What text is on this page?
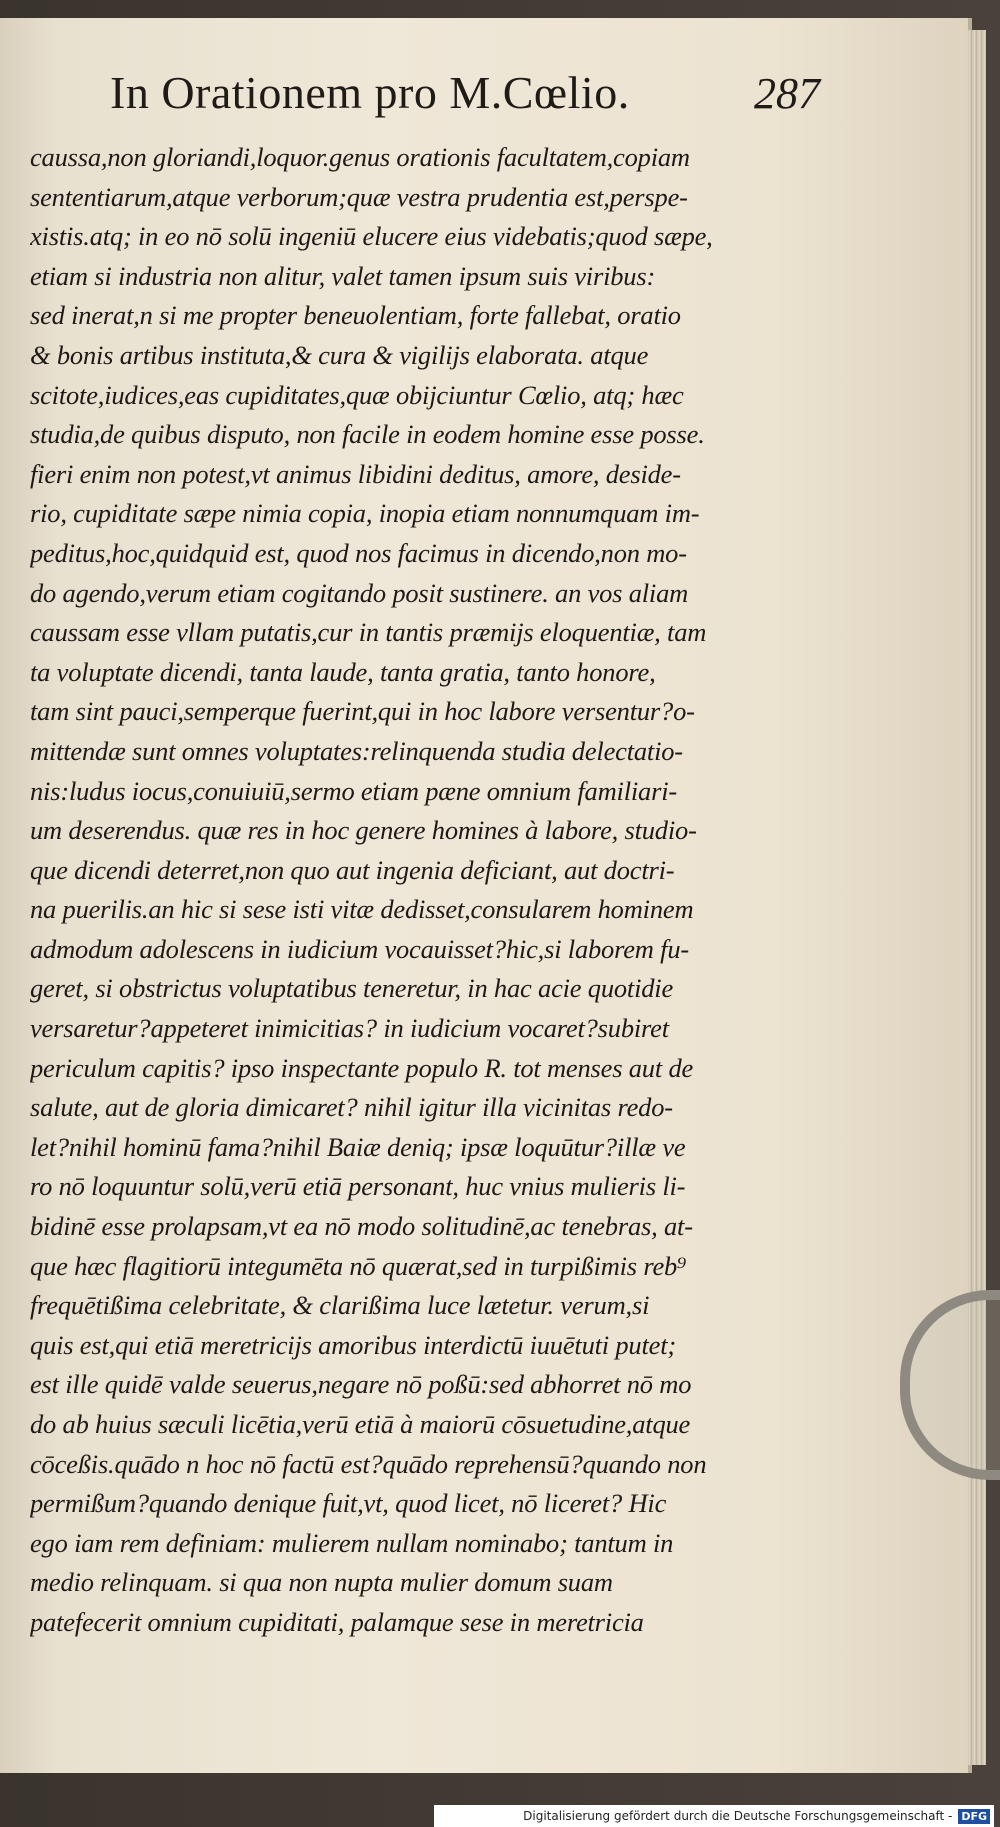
In Orationem pro M.Cœlio.	287
caussa,non gloriandi,loquor.genus orationis facultatem,copiam
sententiarum,atque verborum;quæ vestra prudentia est,perspe-
xistis.atq; in eo nō solū ingeniū elucere eius videbatis;quod sæpe,
etiam si industria non alitur, valet tamen ipsum suis viribus:
sed inerat,n si me propter beneuolentiam, forte fallebat, oratio
& bonis artibus instituta,& cura & vigilijs elaborata. atque
scitote,iudices,eas cupiditates,quæ obijciuntur Cœlio, atq; hæc
studia,de quibus disputo, non facile in eodem homine esse posse.
fieri enim non potest,vt animus libidini deditus, amore, deside-
rio, cupiditate sæpe nimia copia, inopia etiam nonnumquam im-
peditus,hoc,quidquid est, quod nos facimus in dicendo,non mo-
do agendo,verum etiam cogitando posit sustinere. an vos aliam
caussam esse vllam putatis,cur in tantis præmijs eloquentiæ, tam
ta voluptate dicendi, tanta laude, tanta gratia, tanto honore,
tam sint pauci,semperque fuerint,qui in hoc labore versentur?o-
mittendæ sunt omnes voluptates:relinquenda studia delectatio-
nis:ludus iocus,conuiuiū,sermo etiam pæne omnium familiari-
um deserendus. quæ res in hoc genere homines à labore, studio-
que dicendi deterret,non quo aut ingenia deficiant, aut doctri-
na puerilis.an hic si sese isti vitæ dedisset,consularem hominem
admodum adolescens in iudicium vocauisset?hic,si laborem fu-
geret, si obstrictus voluptatibus teneretur, in hac acie quotidie
versaretur?appeteret inimicitias? in iudicium vocaret?subiret
periculum capitis? ipso inspectante populo R. tot menses aut de
salute, aut de gloria dimicaret? nihil igitur illa vicinitas redo-
let?nihil hominū fama?nihil Baiæ deniq; ipsæ loquūtur?illæ ve
ro nō loquuntur solū,verū etiā personant, huc vnius mulieris li-
bidinē esse prolapsam,vt ea nō modo solitudinē,ac tenebras, at-
que hæc flagitiorū integumēta nō quærat,sed in turpißimis reb⁹
frequētißima celebritate, & clarißima luce lætetur. verum,si
quis est,qui etiā meretricijs amoribus interdictū iuuētuti putet;
est ille quidē valde seuerus,negare nō poßū:sed abhorret nō mo
do ab huius sæculi licētia,verū etiā à maiorū cōsuetudine,atque
cōceßis.quādo n hoc nō factū est?quādo reprehensū?quando non
permißum?quando denique fuit,vt, quod licet, nō liceret? Hic
ego iam rem definiam: mulierem nullam nominabo; tantum in
medio relinquam. si qua non nupta mulier domum suam
patefecerit omnium cupiditati, palamque sese in meretricia
Digitalisierung gefördert durch die Deutsche Forschungsgemeinschaft - DFG
